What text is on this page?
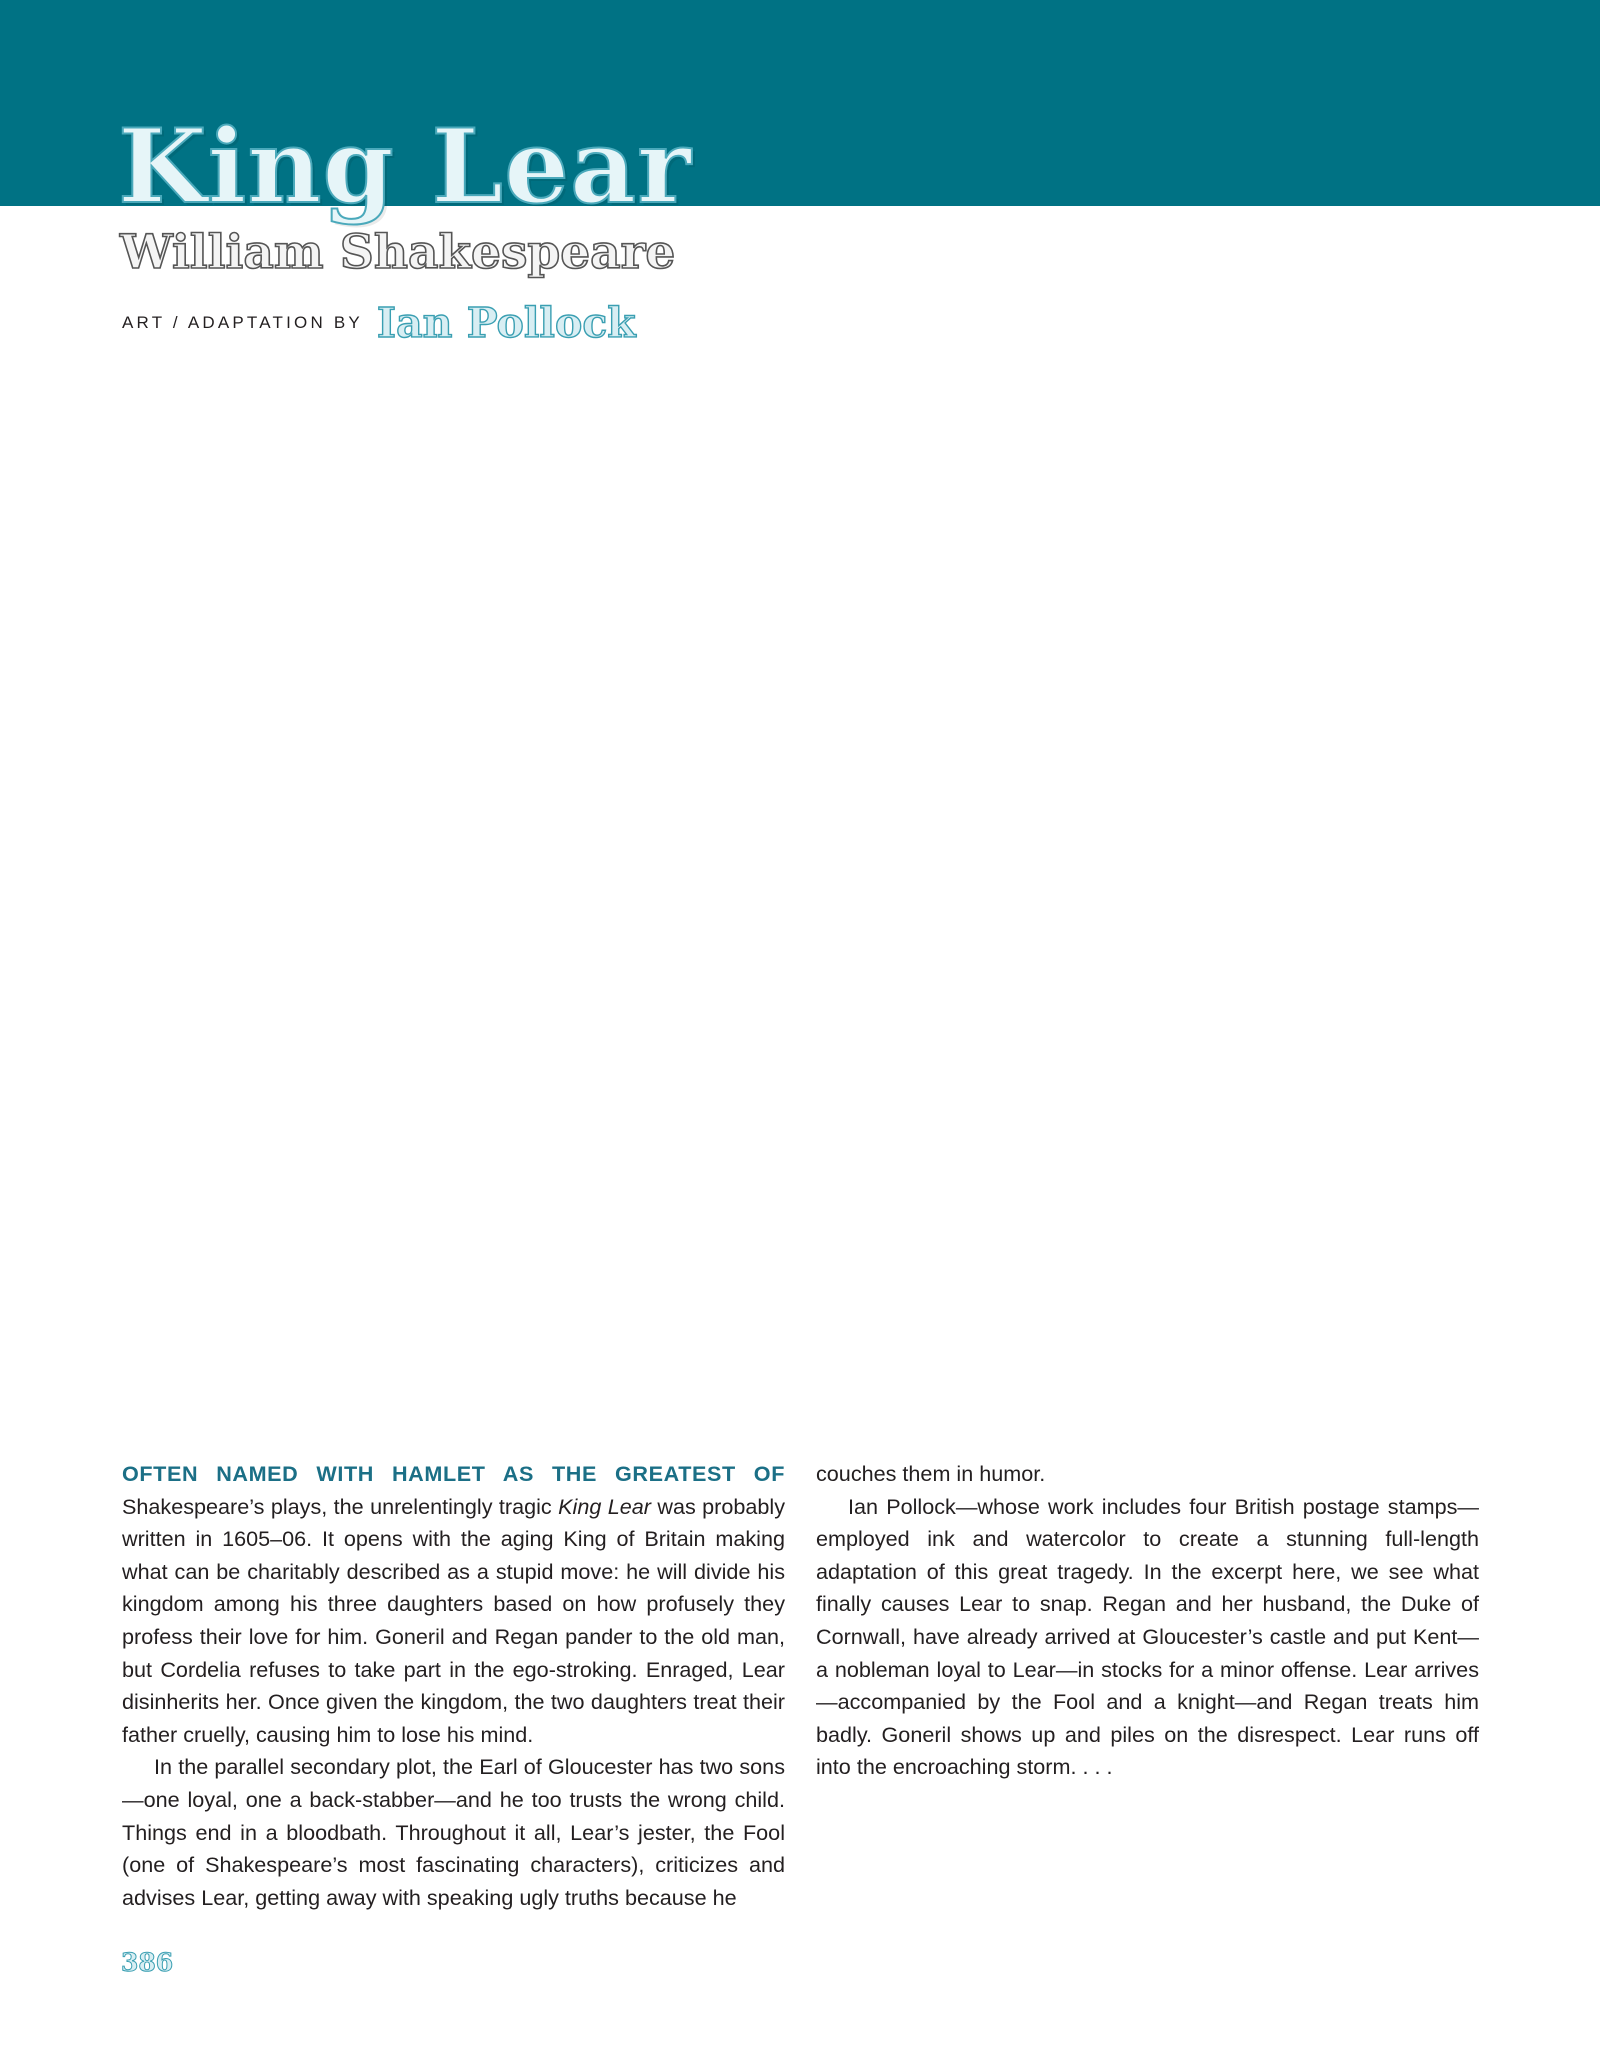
King Lear
William Shakespeare
ART / ADAPTATION BY Ian Pollock

OFTEN NAMED WITH HAMLET AS THE GREATEST OF Shakespeare’s plays, the unrelentingly tragic King Lear was probably written in 1605–06. It opens with the aging King of Britain making what can be charitably described as a stupid move: he will divide his kingdom among his three daughters based on how profusely they profess their love for him. Goneril and Regan pander to the old man, but Cordelia refuses to take part in the ego-stroking. Enraged, Lear disinherits her. Once given the kingdom, the two daughters treat their father cruelly, causing him to lose his mind.

In the parallel secondary plot, the Earl of Gloucester has two sons—one loyal, one a back-stabber—and he too trusts the wrong child. Things end in a bloodbath. Throughout it all, Lear’s jester, the Fool (one of Shakespeare’s most fascinating characters), criticizes and advises Lear, getting away with speaking ugly truths because he

couches them in humor.

Ian Pollock—whose work includes four British postage stamps—employed ink and watercolor to create a stunning full-length adaptation of this great tragedy. In the excerpt here, we see what finally causes Lear to snap. Regan and her husband, the Duke of Cornwall, have already arrived at Gloucester’s castle and put Kent—a nobleman loyal to Lear—in stocks for a minor offense. Lear arrives—accompanied by the Fool and a knight—and Regan treats him badly. Goneril shows up and piles on the disrespect. Lear runs off into the encroaching storm. . . .

386
